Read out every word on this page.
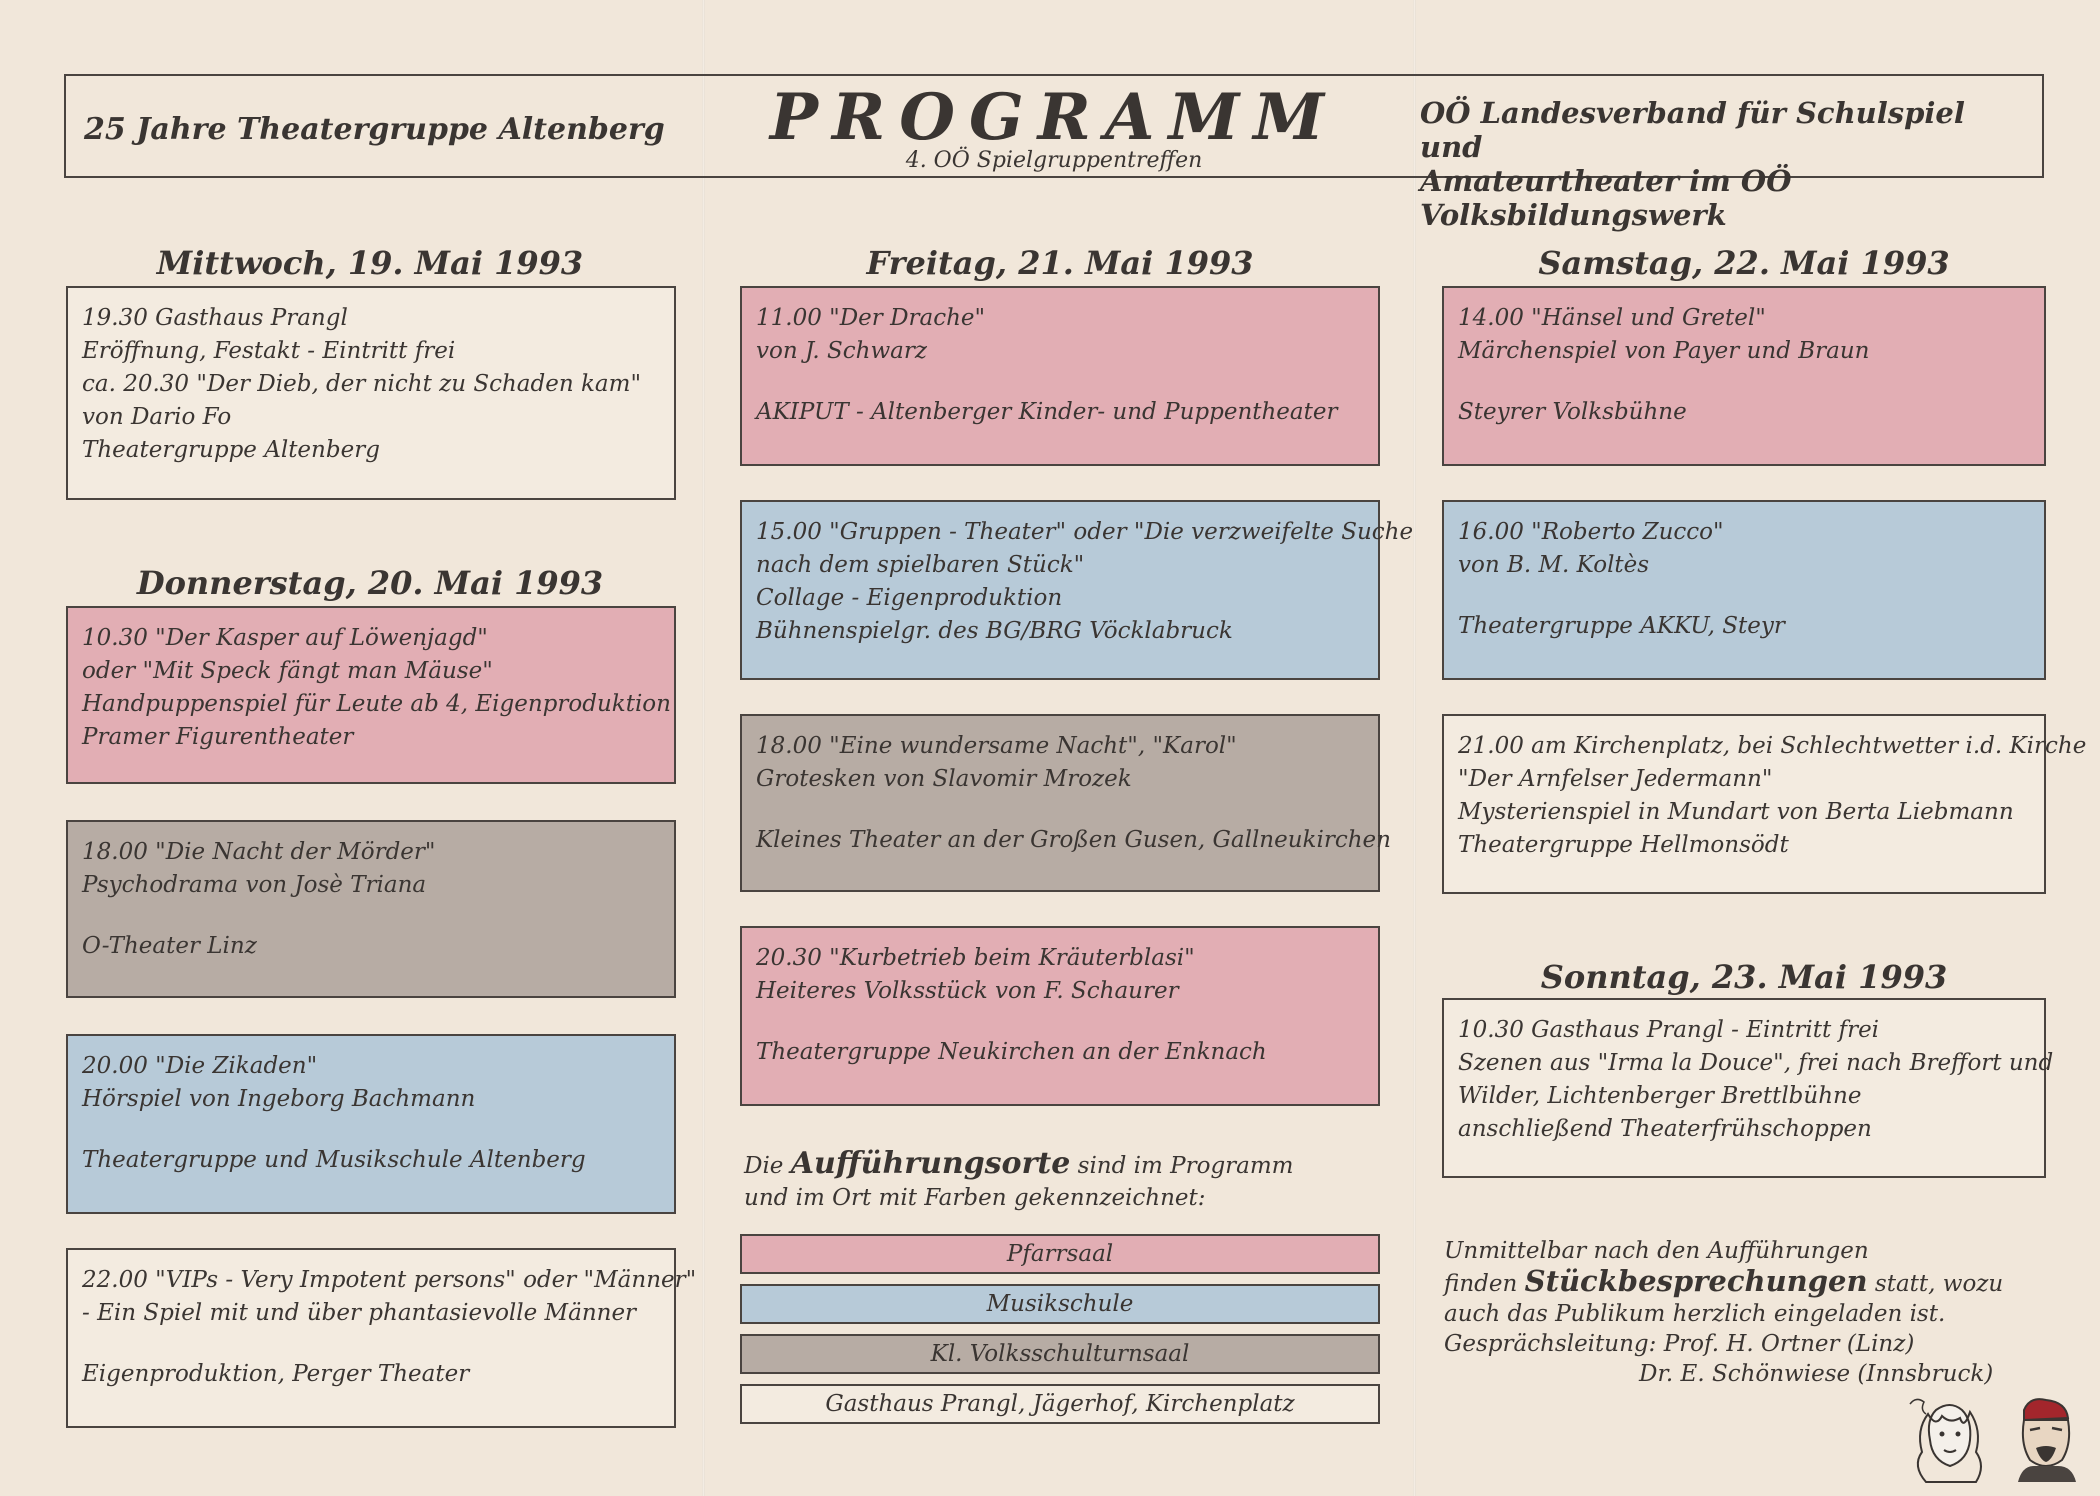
25 Jahre Theatergruppe Altenberg	PROGRAMM
4. OÖ Spielgruppentreffen
OÖ Landesverband für Schulspiel und
Amateurtheater im OÖ Volksbildungswerk
Mittwoch, 19. Mai 1993
19.30 Gasthaus Prangl
Eröffnung, Festakt - Eintritt frei
ca. 20.30 "Der Dieb, der nicht zu Schaden kam"
von Dario Fo
Theatergruppe Altenberg
Donnerstag, 20. Mai 1993
10.30 "Der Kasper auf Löwenjagd"
oder "Mit Speck fängt man Mäuse"
Handpuppenspiel für Leute ab 4, Eigenproduktion
Pramer Figurentheater
18.00 "Die Nacht der Mörder"
Psychodrama von Josè Triana
O-Theater Linz
20.00 "Die Zikaden"
Hörspiel von Ingeborg Bachmann
Theatergruppe und Musikschule Altenberg
22.00 "VIPs - Very Impotent persons" oder "Männer"
- Ein Spiel mit und über phantasievolle Männer
Eigenproduktion, Perger Theater
Freitag, 21. Mai 1993
11.00 "Der Drache"
von J. Schwarz
AKIPUT - Altenberger Kinder- und Puppentheater
15.00 "Gruppen - Theater" oder "Die verzweifelte Suche
nach dem spielbaren Stück"
Collage - Eigenproduktion
Bühnenspielgr. des BG/BRG Vöcklabruck
18.00 "Eine wundersame Nacht", "Karol"
Grotesken von Slavomir Mrozek
Kleines Theater an der Großen Gusen, Gallneukirchen
20.30 "Kurbetrieb beim Kräuterblasi"
Heiteres Volksstück von F. Schaurer
Theatergruppe Neukirchen an der Enknach
Die Aufführungsorte sind im Programm
und im Ort mit Farben gekennzeichnet:
Pfarrsaal
Musikschule
Kl. Volksschulturnsaal
Gasthaus Prangl, Jägerhof, Kirchenplatz
Samstag, 22. Mai 1993
14.00 "Hänsel und Gretel"
Märchenspiel von Payer und Braun
Steyrer Volksbühne
16.00 "Roberto Zucco"
von B. M. Koltès
Theatergruppe AKKU, Steyr
21.00 am Kirchenplatz, bei Schlechtwetter i.d. Kirche
"Der Arnfelser Jedermann"
Mysterienspiel in Mundart von Berta Liebmann
Theatergruppe Hellmonsödt
Sonntag, 23. Mai 1993
10.30 Gasthaus Prangl - Eintritt frei
Szenen aus "Irma la Douce", frei nach Breffort und
Wilder, Lichtenberger Brettlbühne
anschließend Theaterfrühschoppen
Unmittelbar nach den Aufführungen
finden Stückbesprechungen statt, wozu
auch das Publikum herzlich eingeladen ist.
Gesprächsleitung: Prof. H. Ortner (Linz)
Dr. E. Schönwiese (Innsbruck)
